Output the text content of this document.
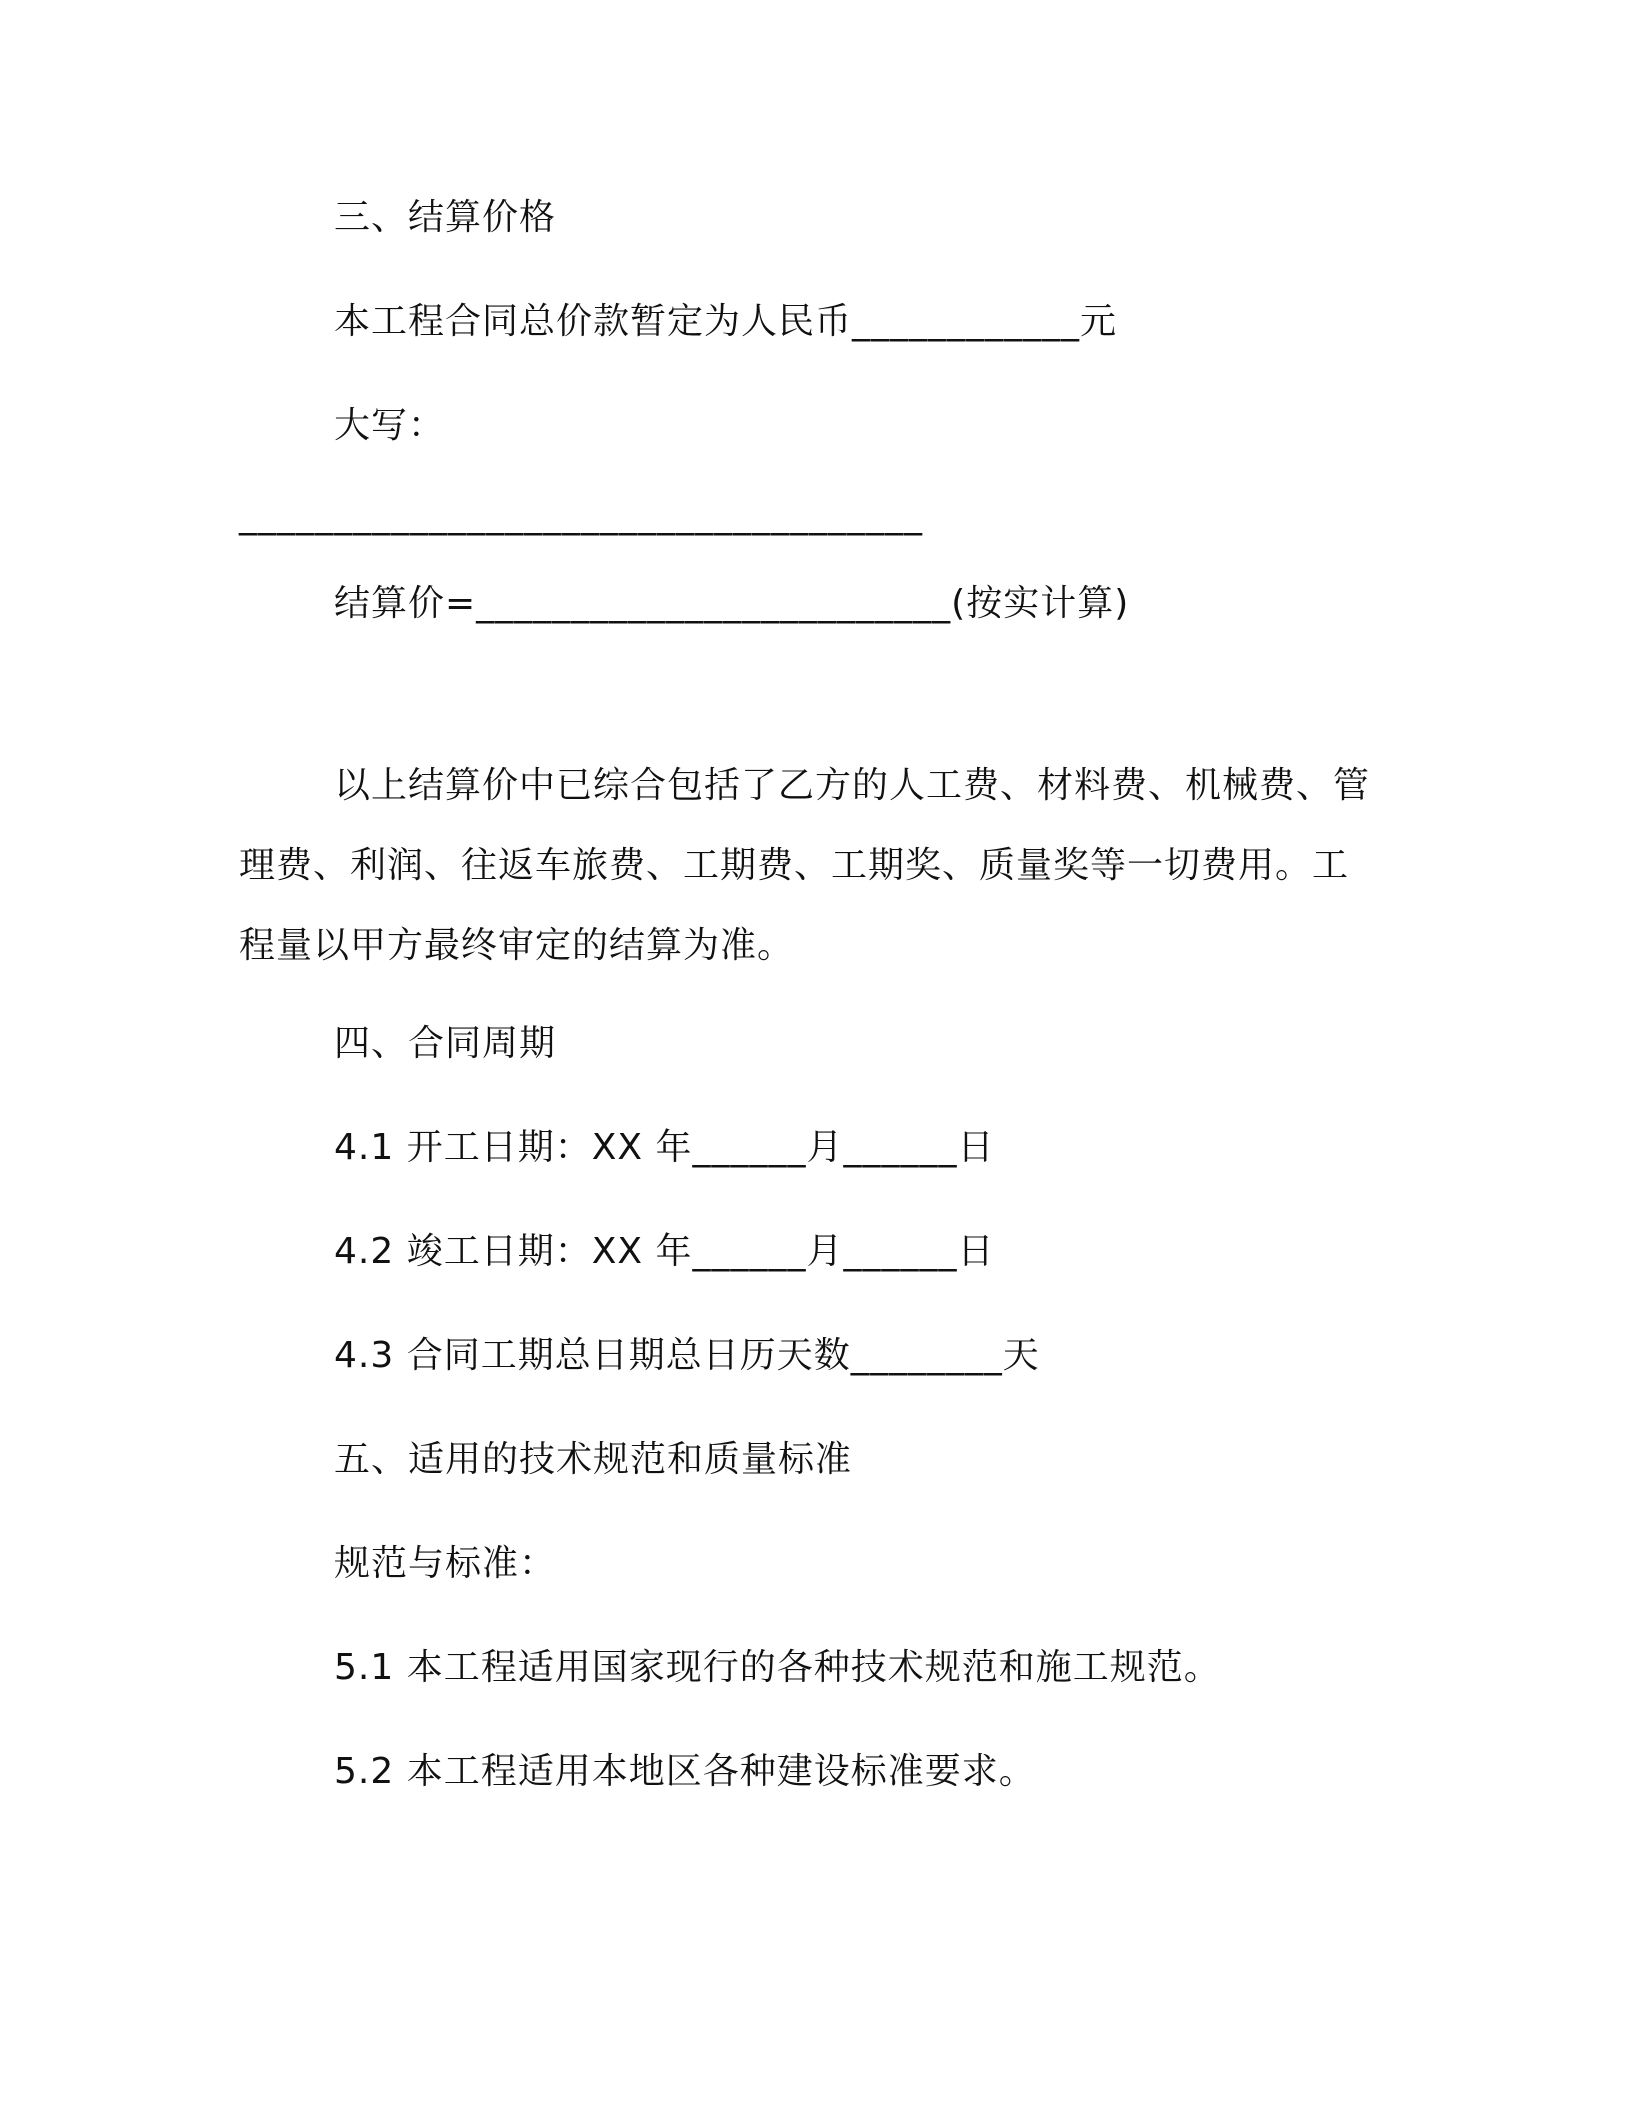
三、结算价格
本工程合同总价款暂定为人民币____________元
大写：
____________________________________
结算价=_________________________(按实计算)
以上结算价中已综合包括了乙方的人工费、材料费、机械费、管理费、利润、往返车旅费、工期费、工期奖、质量奖等一切费用。工程量以甲方最终审定的结算为准。
四、合同周期
4.1 开工日期：XX 年______月______日
4.2 竣工日期：XX 年______月______日
4.3 合同工期总日期总日历天数________天
五、适用的技术规范和质量标准
规范与标准：
5.1 本工程适用国家现行的各种技术规范和施工规范。
5.2 本工程适用本地区各种建设标准要求。
